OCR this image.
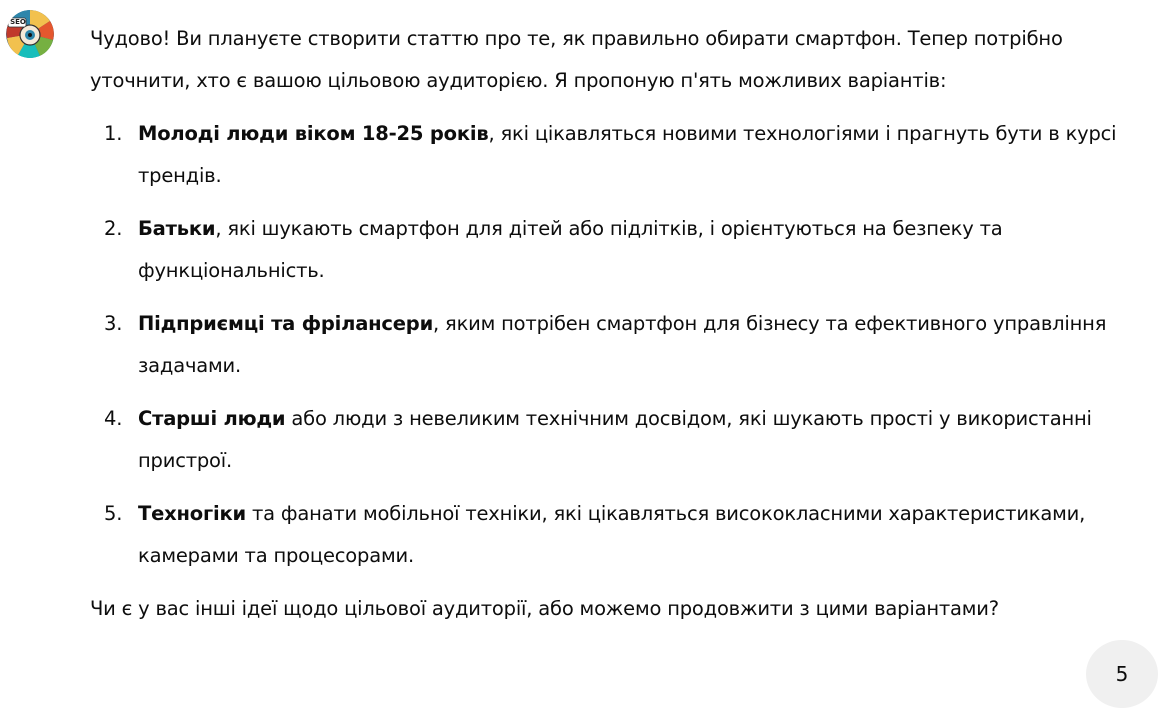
SEO

Чудово! Ви плануєте створити статтю про те, як правильно обирати смартфон. Тепер потрібно уточнити, хто є вашою цільовою аудиторією. Я пропоную п'ять можливих варіантів:

1. Молоді люди віком 18-25 років, які цікавляться новими технологіями і прагнуть бути в курсі трендів.
2. Батьки, які шукають смартфон для дітей або підлітків, і орієнтуються на безпеку та функціональність.
3. Підприємці та фрілансери, яким потрібен смартфон для бізнесу та ефективного управління задачами.
4. Старші люди або люди з невеликим технічним досвідом, які шукають прості у використанні пристрої.
5. Техногіки та фанати мобільної техніки, які цікавляться висококласними характеристиками, камерами та процесорами.

Чи є у вас інші ідеї щодо цільової аудиторії, або можемо продовжити з цими варіантами?

5
